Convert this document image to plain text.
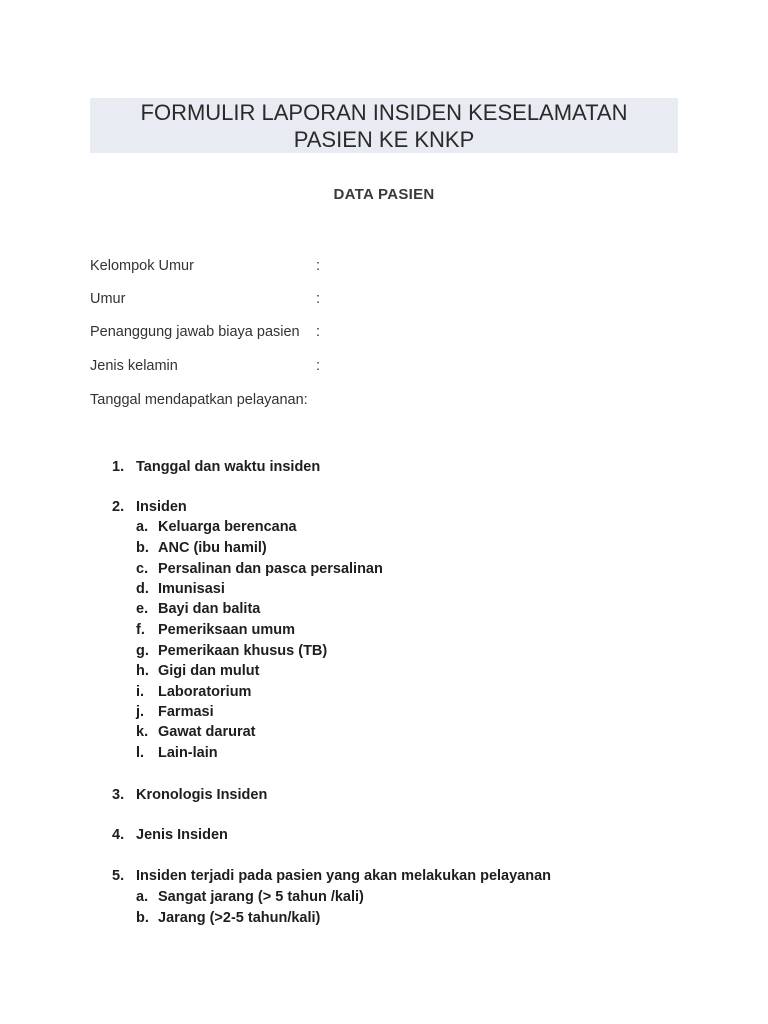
FORMULIR LAPORAN INSIDEN KESELAMATAN
PASIEN KE KNKP
DATA PASIEN
Kelompok Umur	:
Umur	:
Penanggung jawab biaya pasien :
Jenis kelamin	:
Tanggal mendapatkan pelayanan:
1. Tanggal dan waktu insiden
2. Insiden
a. Keluarga berencana
b. ANC (ibu hamil)
c. Persalinan dan pasca persalinan
d. Imunisasi
e. Bayi dan balita
f. Pemeriksaan umum
g. Pemerikaan khusus (TB)
h. Gigi dan mulut
i. Laboratorium
j. Farmasi
k. Gawat darurat
l. Lain-lain
3. Kronologis Insiden
4. Jenis Insiden
5. Insiden terjadi pada pasien yang akan melakukan pelayanan
a. Sangat jarang (> 5 tahun /kali)
b. Jarang (>2-5 tahun/kali)
